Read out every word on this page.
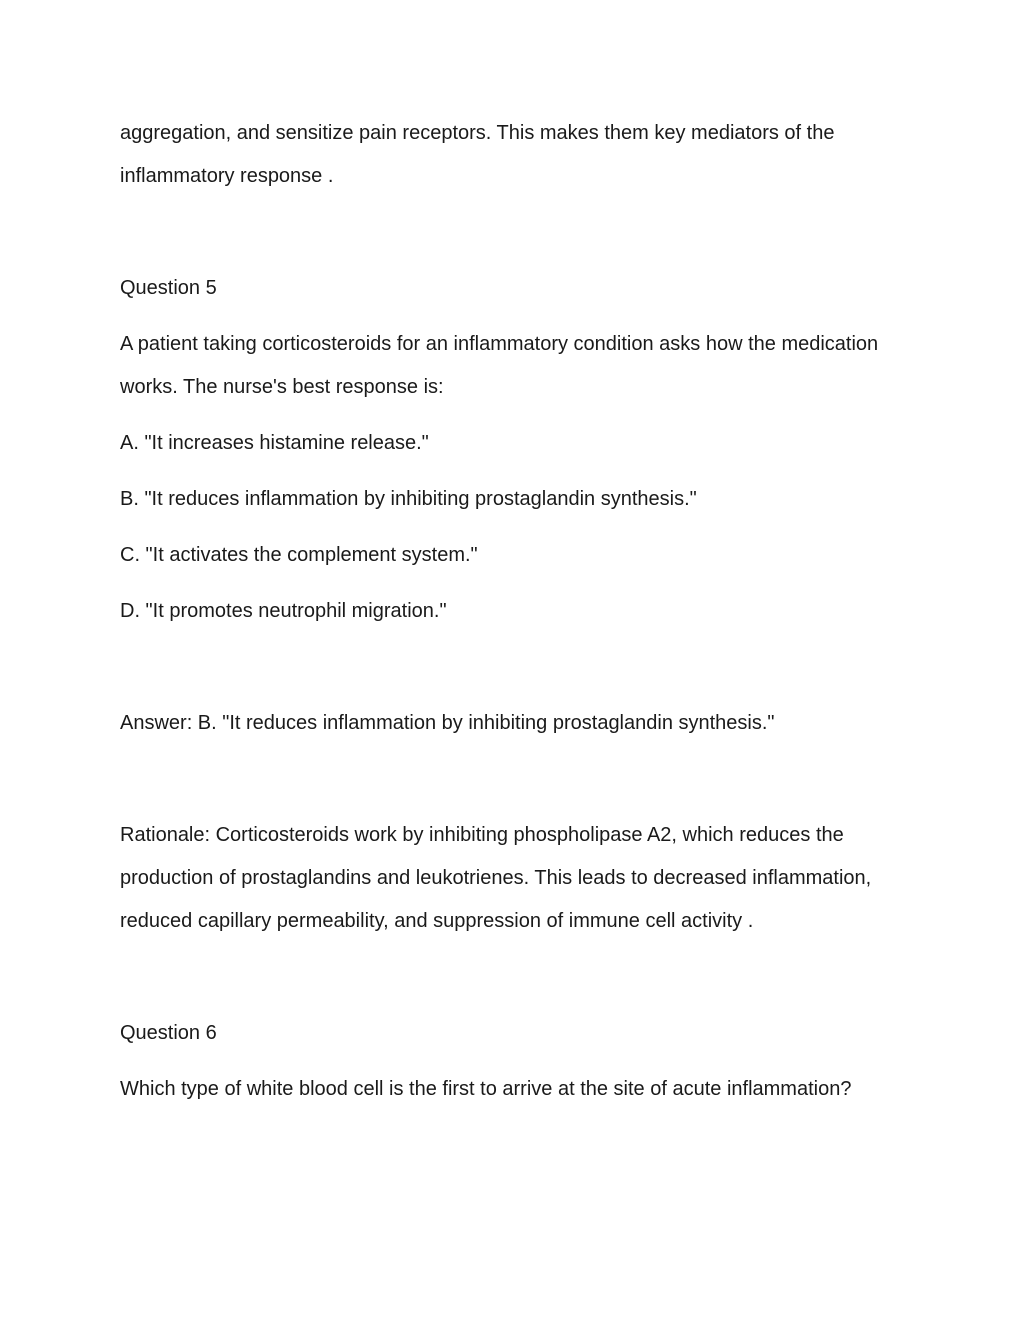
aggregation, and sensitize pain receptors. This makes them key mediators of the inflammatory response .

Question 5

A patient taking corticosteroids for an inflammatory condition asks how the medication works. The nurse's best response is:

A. "It increases histamine release."

B. "It reduces inflammation by inhibiting prostaglandin synthesis."

C. "It activates the complement system."

D. "It promotes neutrophil migration."

Answer: B. "It reduces inflammation by inhibiting prostaglandin synthesis."

Rationale: Corticosteroids work by inhibiting phospholipase A2, which reduces the production of prostaglandins and leukotrienes. This leads to decreased inflammation, reduced capillary permeability, and suppression of immune cell activity .

Question 6

Which type of white blood cell is the first to arrive at the site of acute inflammation?
